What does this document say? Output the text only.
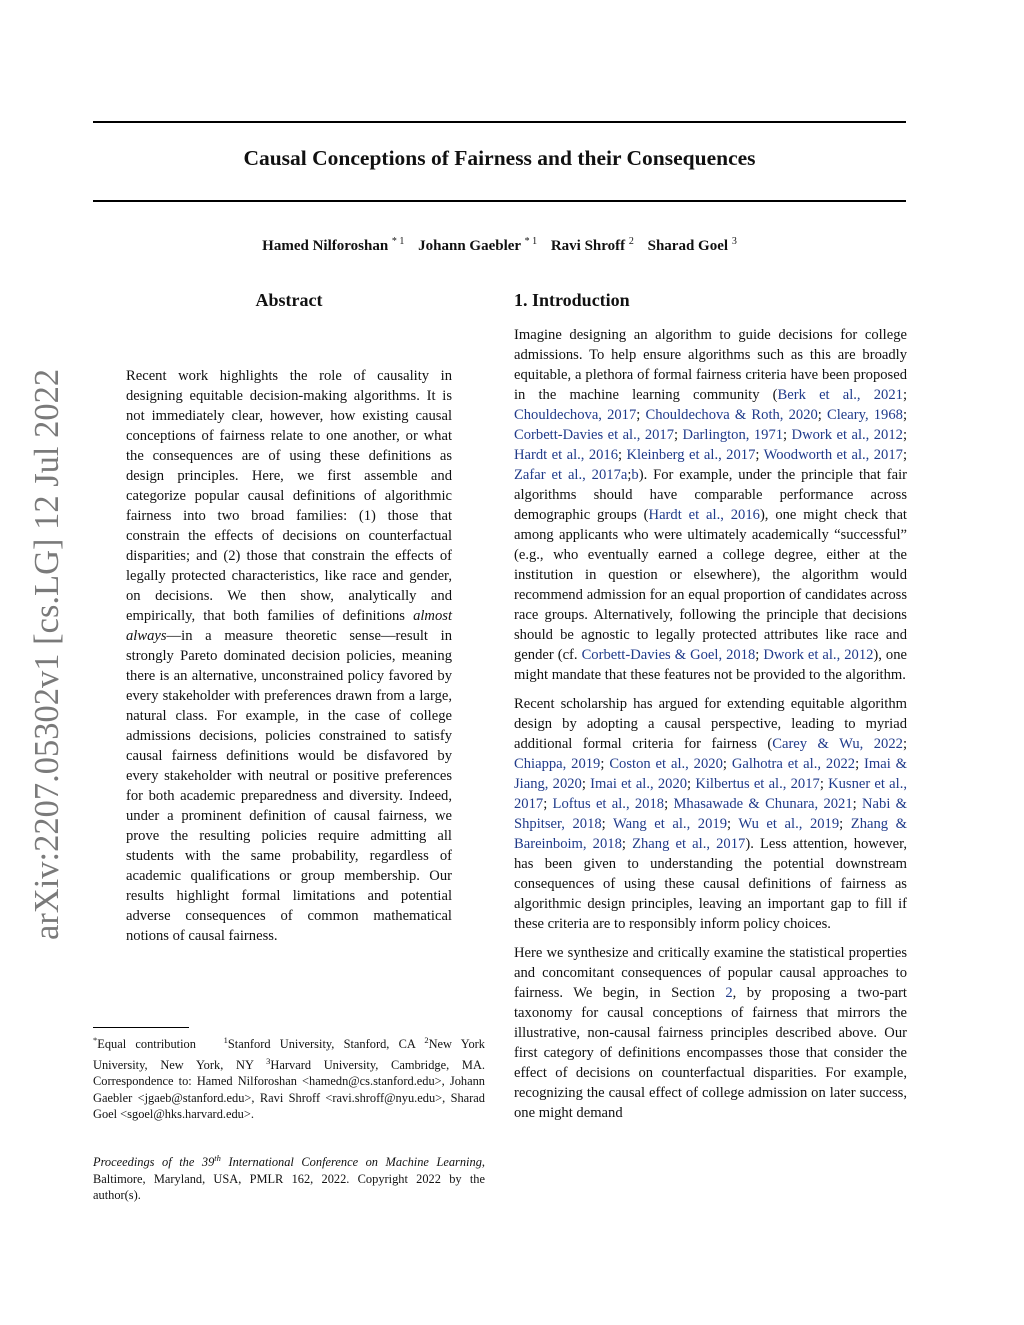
Causal Conceptions of Fairness and their Consequences
Hamed Nilforoshan $^{* 1}$ Johann Gaebler $^{* 1}$ Ravi Shroff $^2$ Sharad Goel $^3$
arXiv:2207.05302v1 [cs.LG] 12 Jul 2022
Abstract
Recent work highlights the role of causality in designing equitable decision-making algorithms. It is not immediately clear, however, how existing causal conceptions of fairness relate to one another, or what the consequences are of using these definitions as design principles. Here, we first assemble and categorize popular causal definitions of algorithmic fairness into two broad families: (1) those that constrain the effects of decisions on counterfactual disparities; and (2) those that constrain the effects of legally protected characteristics, like race and gender, on decisions. We then show, analytically and empirically, that both families of definitions almost always—in a measure theoretic sense—result in strongly Pareto dominated decision policies, meaning there is an alternative, unconstrained policy favored by every stakeholder with preferences drawn from a large, natural class. For example, in the case of college admissions decisions, policies constrained to satisfy causal fairness definitions would be disfavored by every stakeholder with neutral or positive preferences for both academic preparedness and diversity. Indeed, under a prominent definition of causal fairness, we prove the resulting policies require admitting all students with the same probability, regardless of academic qualifications or group membership. Our results highlight formal limitations and potential adverse consequences of common mathematical notions of causal fairness.
1. Introduction

Imagine designing an algorithm to guide decisions for college admissions. To help ensure algorithms such as this are broadly equitable, a plethora of formal fairness criteria have been proposed in the machine learning community (Berk et al., 2021; Chouldechova, 2017; Chouldechova & Roth, 2020; Cleary, 1968; Corbett-Davies et al., 2017; Darlington, 1971; Dwork et al., 2012; Hardt et al., 2016; Kleinberg et al., 2017; Woodworth et al., 2017; Zafar et al., 2017a;b). For example, under the principle that fair algorithms should have comparable performance across demographic groups (Hardt et al., 2016), one might check that among applicants who were ultimately academically “successful” (e.g., who eventually earned a college degree, either at the institution in question or elsewhere), the algorithm would recommend admission for an equal proportion of candidates across race groups. Alternatively, following the principle that decisions should be agnostic to legally protected attributes like race and gender (cf. Corbett-Davies & Goel, 2018; Dwork et al., 2012), one might mandate that these features not be provided to the algorithm.

Recent scholarship has argued for extending equitable algorithm design by adopting a causal perspective, leading to myriad additional formal criteria for fairness (Carey & Wu, 2022; Chiappa, 2019; Coston et al., 2020; Galhotra et al., 2022; Imai & Jiang, 2020; Imai et al., 2020; Kilbertus et al., 2017; Kusner et al., 2017; Loftus et al., 2018; Mhasawade & Chunara, 2021; Nabi & Shpitser, 2018; Wang et al., 2019; Wu et al., 2019; Zhang & Bareinboim, 2018; Zhang et al., 2017). Less attention, however, has been given to understanding the potential downstream consequences of using these causal definitions of fairness as algorithmic design principles, leaving an important gap to fill if these criteria are to responsibly inform policy choices.

Here we synthesize and critically examine the statistical properties and concomitant consequences of popular causal approaches to fairness. We begin, in Section 2, by proposing a two-part taxonomy for causal conceptions of fairness that mirrors the illustrative, non-causal fairness principles described above. Our first category of definitions encompasses those that consider the effect of decisions on counterfactual disparities. For example, recognizing the causal effect of college admission on later success, one might demand

*Equal contribution	$^1$Stanford University, Stanford, CA $^2$New York University, New York, NY $^3$Harvard University, Cambridge, MA. Correspondence to: Hamed Nilforoshan <hamedn@cs.stanford.edu>, Johann Gaebler <jgaeb@stanford.edu>, Ravi Shroff <ravi.shroff@nyu.edu>, Sharad Goel <sgoel@hks.harvard.edu>.
Proceedings of the 39th International Conference on Machine Learning, Baltimore, Maryland, USA, PMLR 162, 2022. Copyright 2022 by the author(s).
